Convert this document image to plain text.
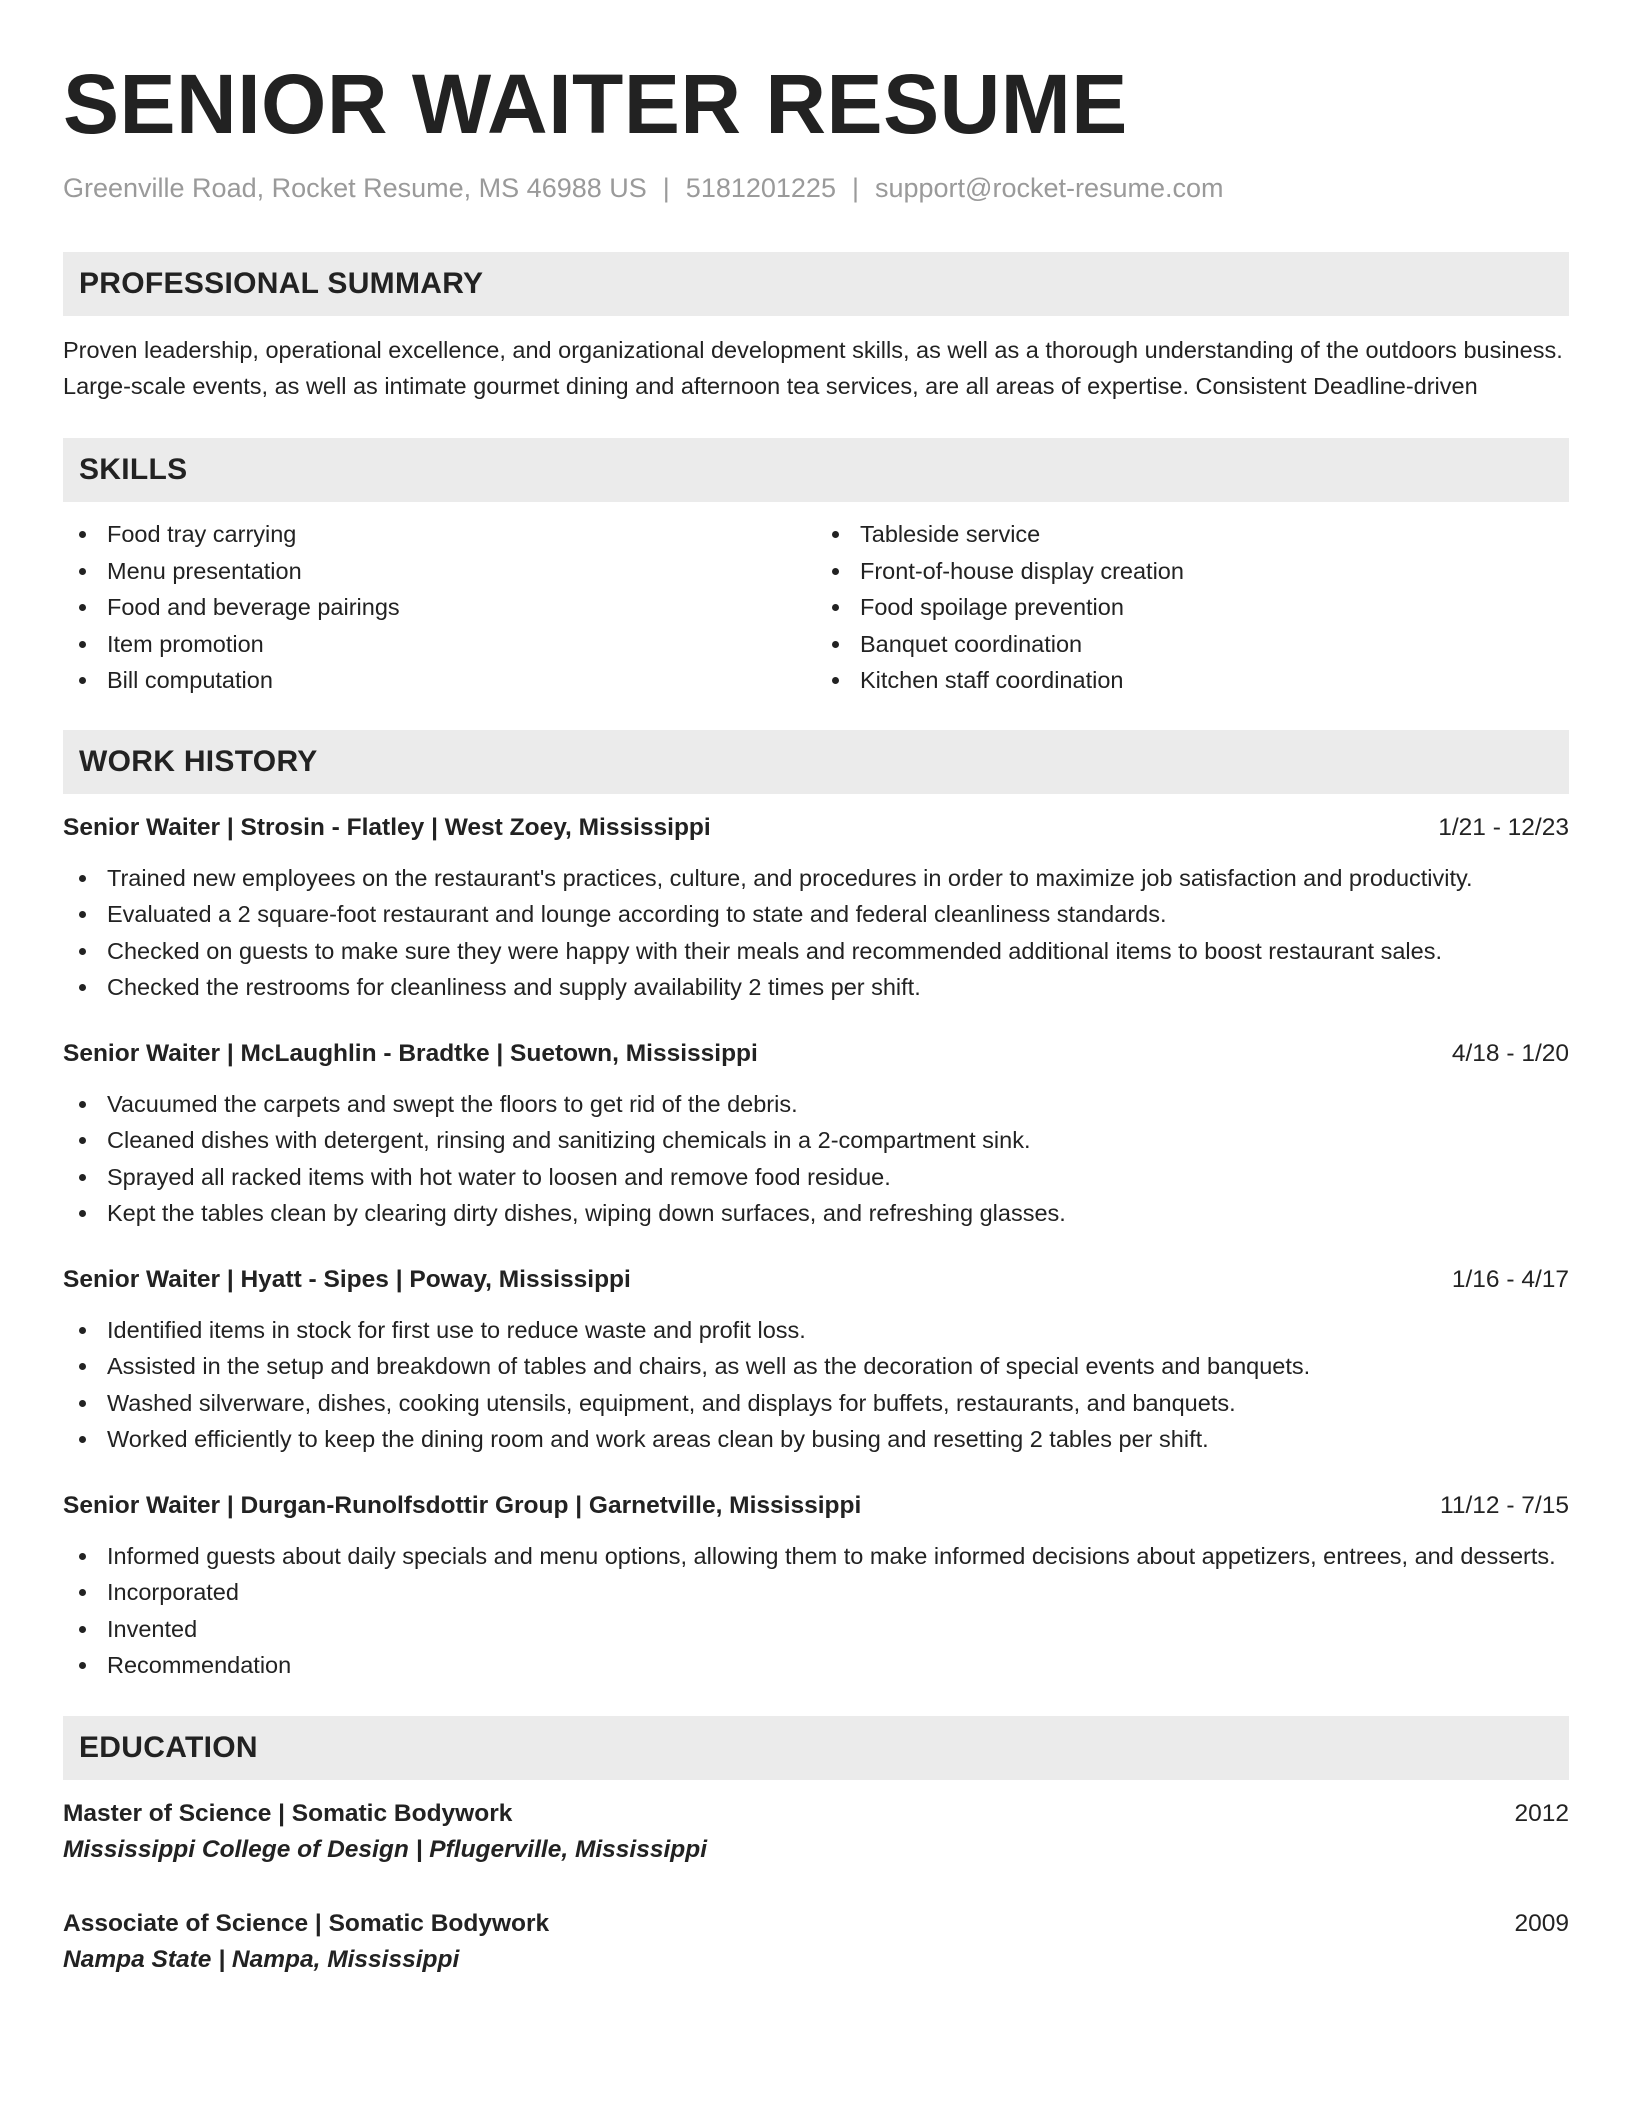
SENIOR WAITER RESUME
Greenville Road, Rocket Resume, MS 46988 US | 5181201225 | support@rocket-resume.com
PROFESSIONAL SUMMARY

Proven leadership, operational excellence, and organizational development skills, as well as a thorough understanding of the outdoors business. Large-scale events, as well as intimate gourmet dining and afternoon tea services, are all areas of expertise. Consistent Deadline-driven

SKILLS
Food tray carrying
Menu presentation
Food and beverage pairings
Item promotion
Bill computation
Tableside service
Front-of-house display creation
Food spoilage prevention
Banquet coordination
Kitchen staff coordination
WORK HISTORY
Senior Waiter | Strosin - Flatley | West Zoey, Mississippi	1/21 - 12/23
Trained new employees on the restaurant's practices, culture, and procedures in order to maximize job satisfaction and productivity.
Evaluated a 2 square-foot restaurant and lounge according to state and federal cleanliness standards.
Checked on guests to make sure they were happy with their meals and recommended additional items to boost restaurant sales.
Checked the restrooms for cleanliness and supply availability 2 times per shift.
Senior Waiter | McLaughlin - Bradtke | Suetown, Mississippi	4/18 - 1/20
Vacuumed the carpets and swept the floors to get rid of the debris.
Cleaned dishes with detergent, rinsing and sanitizing chemicals in a 2-compartment sink.
Sprayed all racked items with hot water to loosen and remove food residue.
Kept the tables clean by clearing dirty dishes, wiping down surfaces, and refreshing glasses.
Senior Waiter | Hyatt - Sipes | Poway, Mississippi	1/16 - 4/17
Identified items in stock for first use to reduce waste and profit loss.
Assisted in the setup and breakdown of tables and chairs, as well as the decoration of special events and banquets.
Washed silverware, dishes, cooking utensils, equipment, and displays for buffets, restaurants, and banquets.
Worked efficiently to keep the dining room and work areas clean by busing and resetting 2 tables per shift.
Senior Waiter | Durgan-Runolfsdottir Group | Garnetville, Mississippi	11/12 - 7/15
Informed guests about daily specials and menu options, allowing them to make informed decisions about appetizers, entrees, and desserts.
Incorporated
Invented
Recommendation
EDUCATION
Master of Science | Somatic Bodywork	2012
Mississippi College of Design | Pflugerville, Mississippi
Associate of Science | Somatic Bodywork	2009
Nampa State | Nampa, Mississippi
